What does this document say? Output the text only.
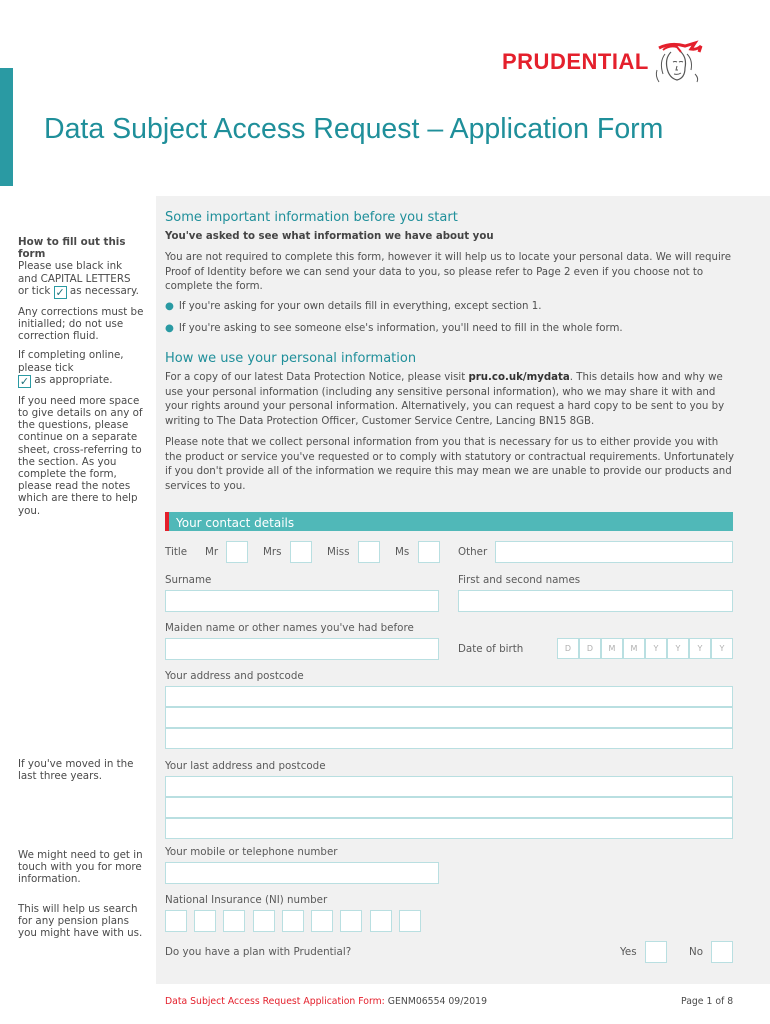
PRUDENTIAL
Data Subject Access Request – Application Form

How to fill out this form
Please use black ink and CAPITAL LETTERS or tick ✓ as necessary.

Any corrections must be initialled; do not use correction fluid.

If completing online, please tick
✓ as appropriate.

If you need more space to give details on any of the questions, please continue on a separate sheet, cross-referring to the section. As you complete the form, please read the notes which are there to help you.

If you've moved in the last three years.
We might need to get in touch with you for more information.
This will help us search for any pension plans you might have with us.
Some important information before you start
You've asked to see what information we have about you
You are not required to complete this form, however it will help us to locate your personal data. We will require Proof of Identity before we can send your data to you, so please refer to Page 2 even if you choose not to complete the form.
● If you're asking for your own details fill in everything, except section 1.
● If you're asking to see someone else's information, you'll need to fill in the whole form.
How we use your personal information
For a copy of our latest Data Protection Notice, please visit pru.co.uk/mydata. This details how and why we use your personal information (including any sensitive personal information), who we may share it with and your rights around your personal information. Alternatively, you can request a hard copy to be sent to you by writing to The Data Protection Officer, Customer Service Centre, Lancing BN15 8GB.
Please note that we collect personal information from you that is necessary for us to either provide you with the product or service you've requested or to comply with statutory or contractual requirements. Unfortunately if you don't provide all of the information we require this may mean we are unable to provide our products and services to you.
Your contact details
Title Mr	Mrs	Miss	Ms	Other
Surname	First and second names
Maiden name or other names you've had before
Date of birth	D	D	M	M	Y	Y	Y	Y
Your address and postcode
Your last address and postcode
Your mobile or telephone number
National Insurance (NI) number
Do you have a plan with Prudential?	Yes	No
Data Subject Access Request Application Form: GENM06554 09/2019	Page 1 of 8
